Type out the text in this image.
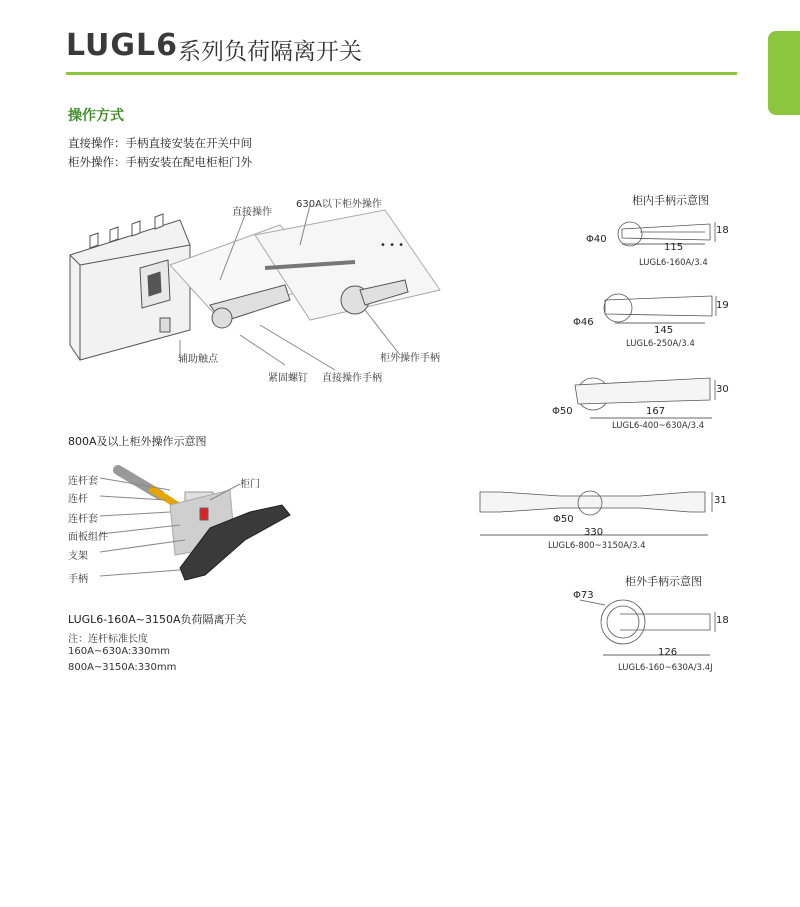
LUGL6 系列负荷隔离开关
操作方式
直接操作：手柄直接安装在开关中间
柜外操作：手柄安装在配电柜柜门外
直接操作
630A以下柜外操作
• • •
辅助触点
紧固螺钉 直接操作手柄
柜外操作手柄
800A及以上柜外操作示意图
连杆套
连杆
连杆套
面板组件
支架
手柄
柜门
LUGL6-160A~3150A负荷隔离开关
注：连杆标准长度
160A~630A:330mm
800A~3150A:330mm
柜内手柄示意图
Φ40
115
18
LUGL6-160A/3.4
Φ46
145
19
LUGL6-250A/3.4
Φ50	167
30
LUGL6-400~630A/3.4
Φ50
330
31
LUGL6-800~3150A/3.4
柜外手柄示意图
Φ73
126
18
LUGL6-160~630A/3.4J
